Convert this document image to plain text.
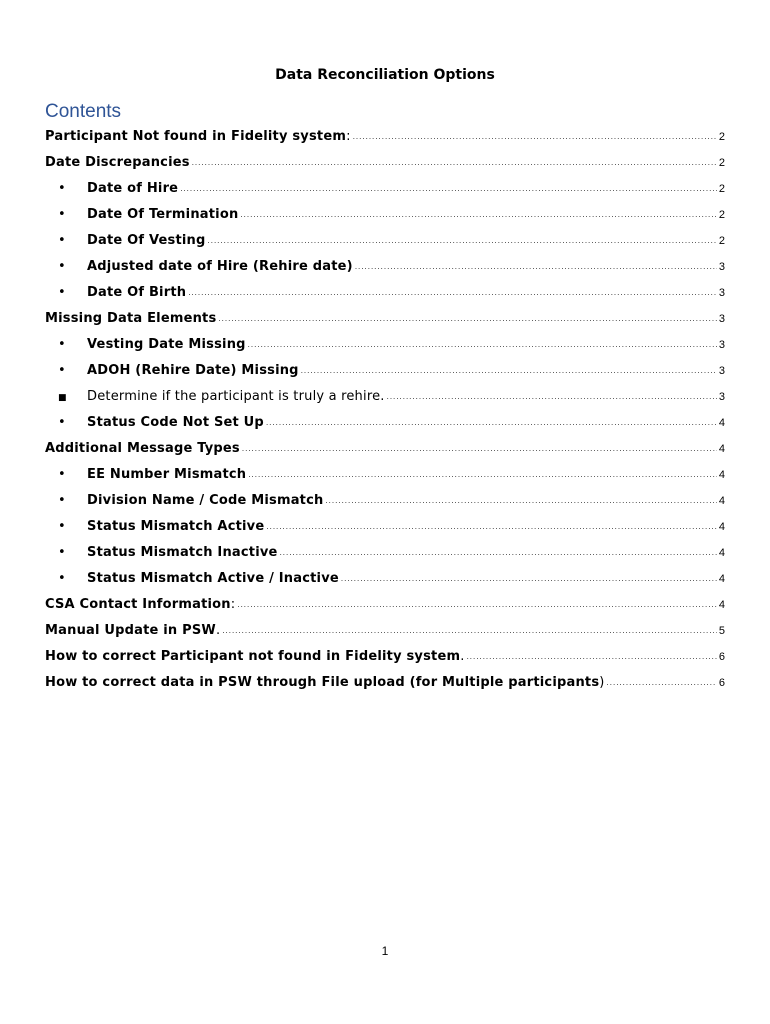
Data Reconciliation Options
Contents
Participant Not found in Fidelity system : .....	2
Date Discrepancies .....	2
•	Date of Hire .....	2
•	Date Of Termination .....	2
•	Date Of Vesting .....	2
•	Adjusted date of Hire (Rehire date) .....	3
•	Date Of Birth .....	3
Missing Data Elements .....	3
•	Vesting Date Missing .....	3
•	ADOH (Rehire Date) Missing .....	3
■	Determine if the participant is truly a rehire. .....	3
•	Status Code Not Set Up .....	4
Additional Message Types .....	4
•	EE Number Mismatch .....	4
•	Division Name / Code Mismatch .....	4
•	Status Mismatch Active .....	4
•	Status Mismatch Inactive .....	4
•	Status Mismatch Active / Inactive .....	4
CSA Contact Information : .....	4
Manual Update in PSW . .....	5
How to correct Participant not found in Fidelity system . .....	6
How to correct data in PSW through File upload (for Multiple participants ) .....	6
1
